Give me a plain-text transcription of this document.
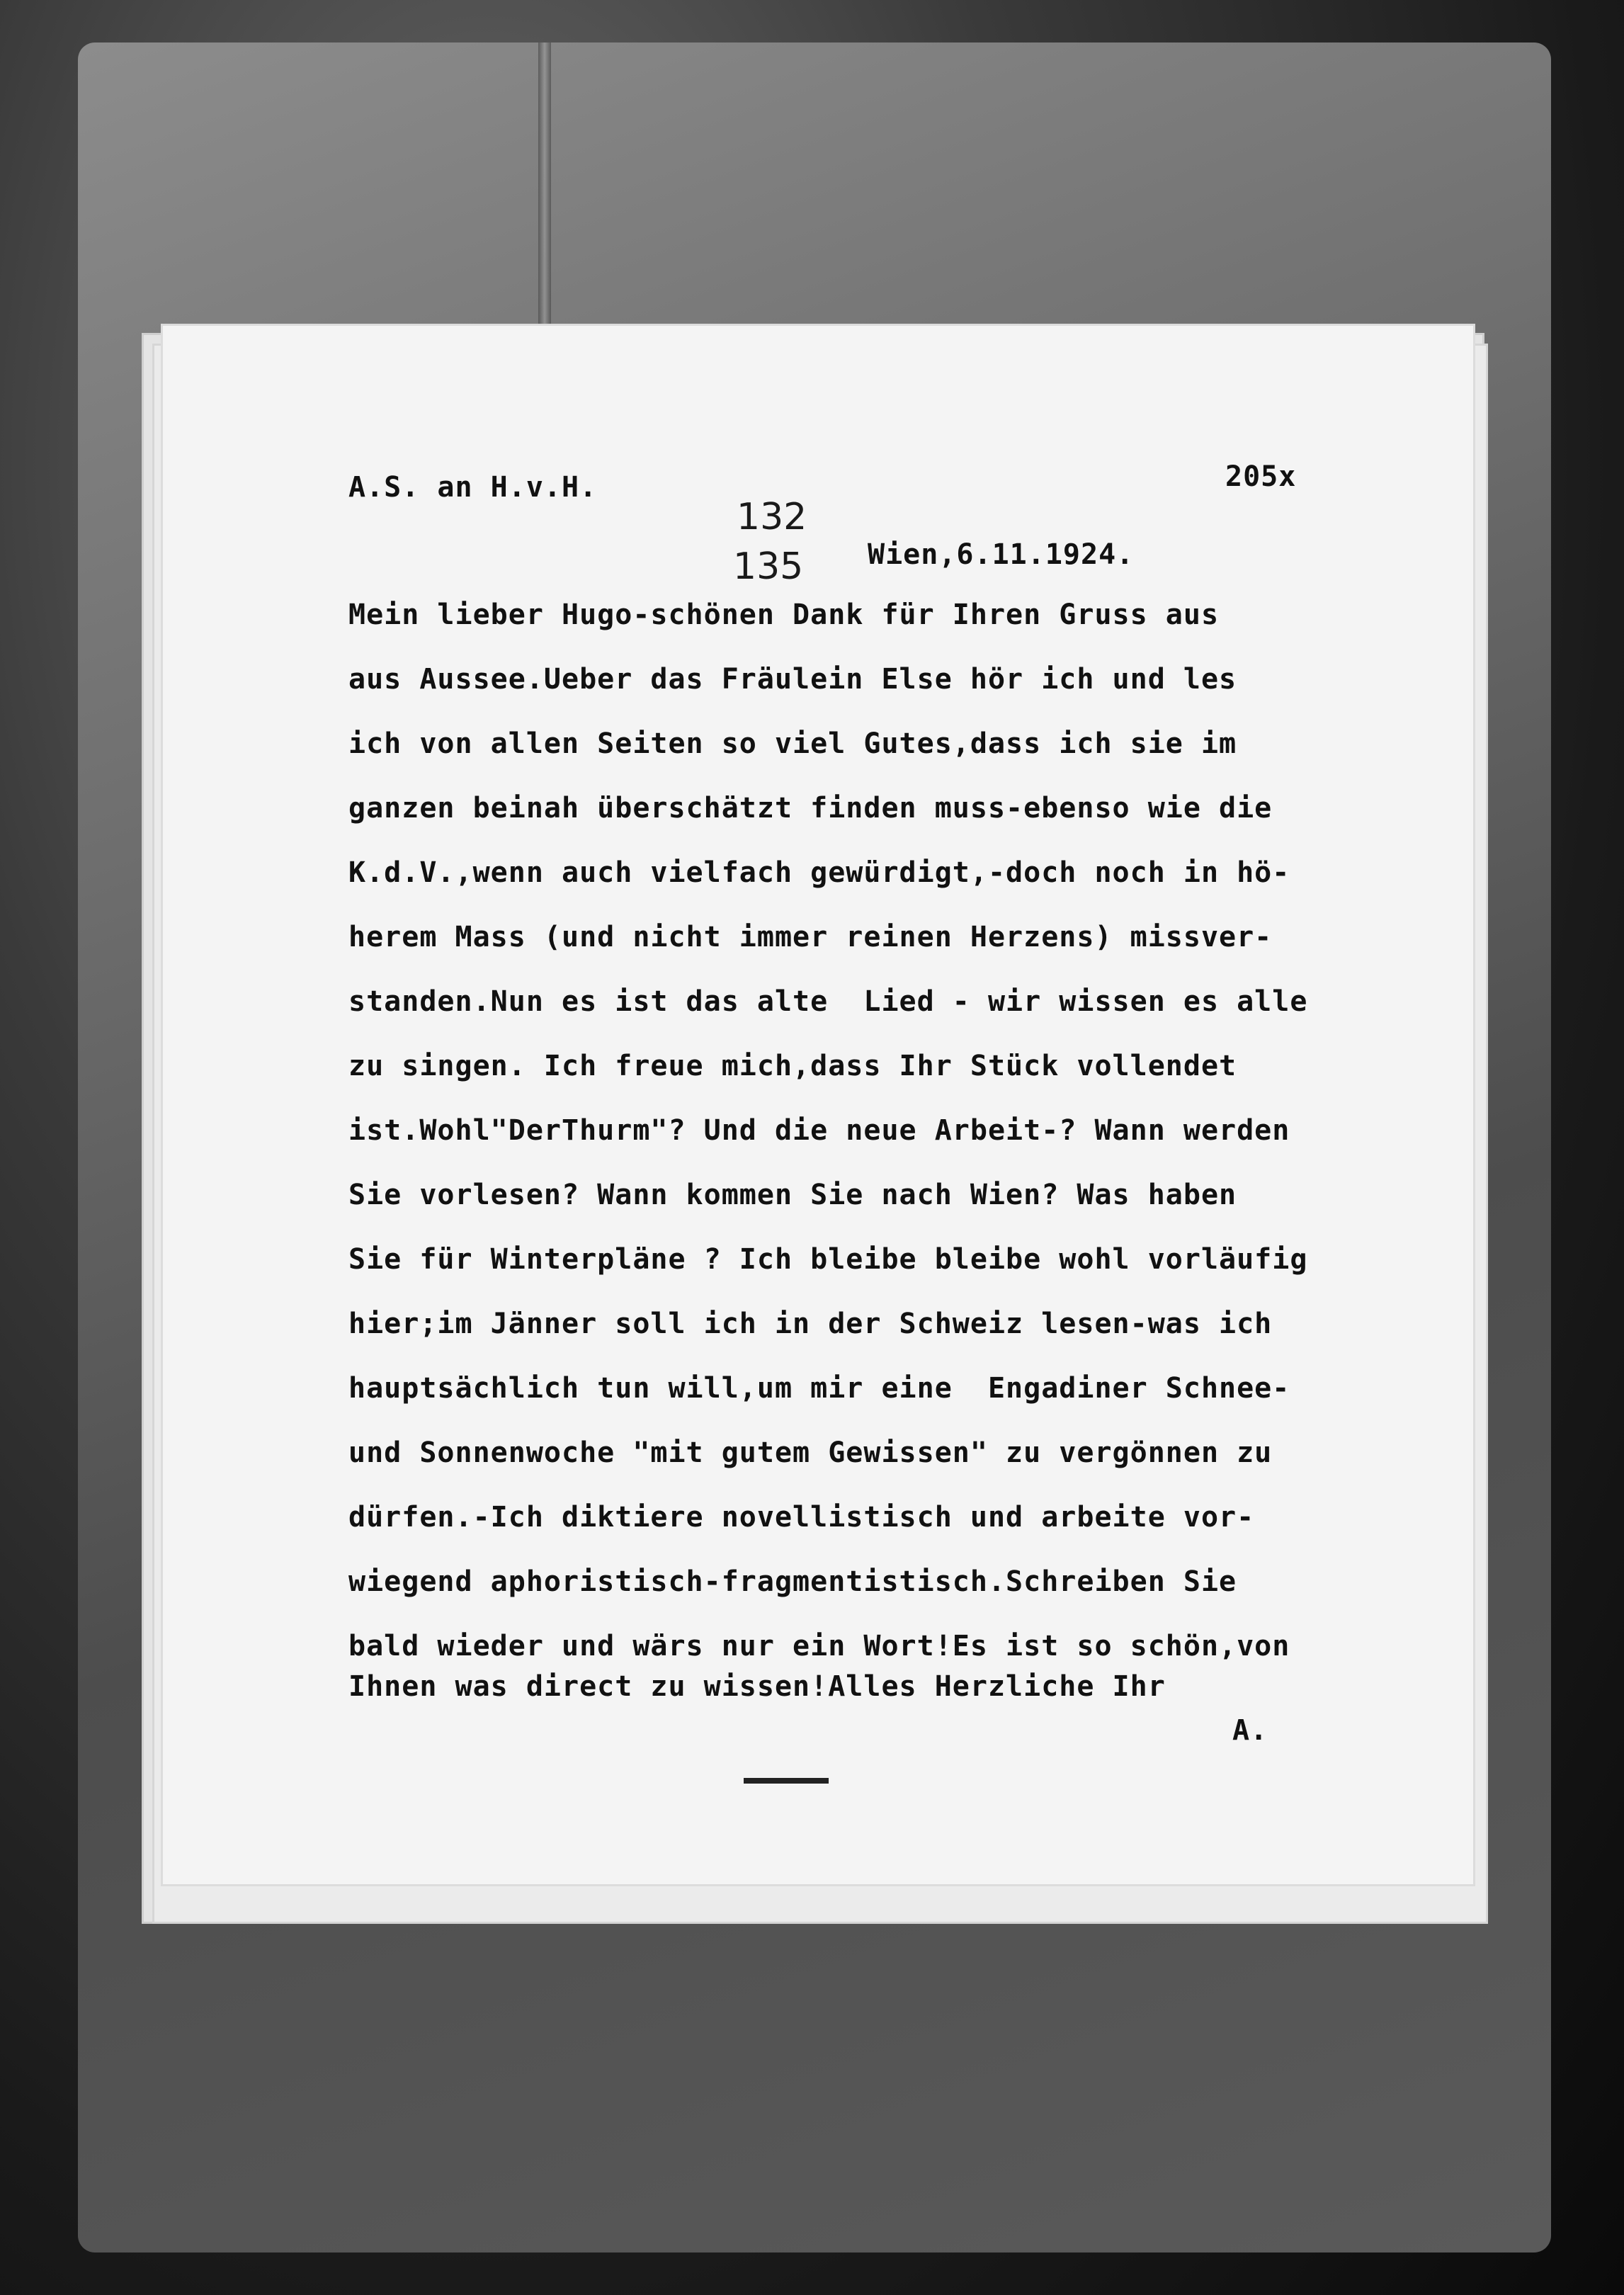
A.S. an H.v.H.	205x
132
135 Wien,6.11.1924.
Mein lieber Hugo-schönen Dank für Ihren Gruss aus
aus Aussee.Ueber das Fräulein Else hör ich und les
ich von allen Seiten so viel Gutes,dass ich sie im
ganzen beinah überschätzt finden muss-ebenso wie die
K.d.V.,wenn auch vielfach gewürdigt,-doch noch in hö-
herem Mass (und nicht immer reinen Herzens) missver-
standen.Nun es ist das alte  Lied - wir wissen es alle
zu singen. Ich freue mich,dass Ihr Stück vollendet
ist.Wohl"DerThurm"? Und die neue Arbeit-? Wann werden
Sie vorlesen? Wann kommen Sie nach Wien? Was haben
Sie für Winterpläne ? Ich bleibe bleibe wohl vorläufig
hier;im Jänner soll ich in der Schweiz lesen-was ich
hauptsächlich tun will,um mir eine  Engadiner Schnee-
und Sonnenwoche "mit gutem Gewissen" zu vergönnen zu
dürfen.-Ich diktiere novellistisch und arbeite vor-
wiegend aphoristisch-fragmentistisch.Schreiben Sie
bald wieder und wärs nur ein Wort!Es ist so schön,von
Ihnen was direct zu wissen!Alles Herzliche Ihr
A.
